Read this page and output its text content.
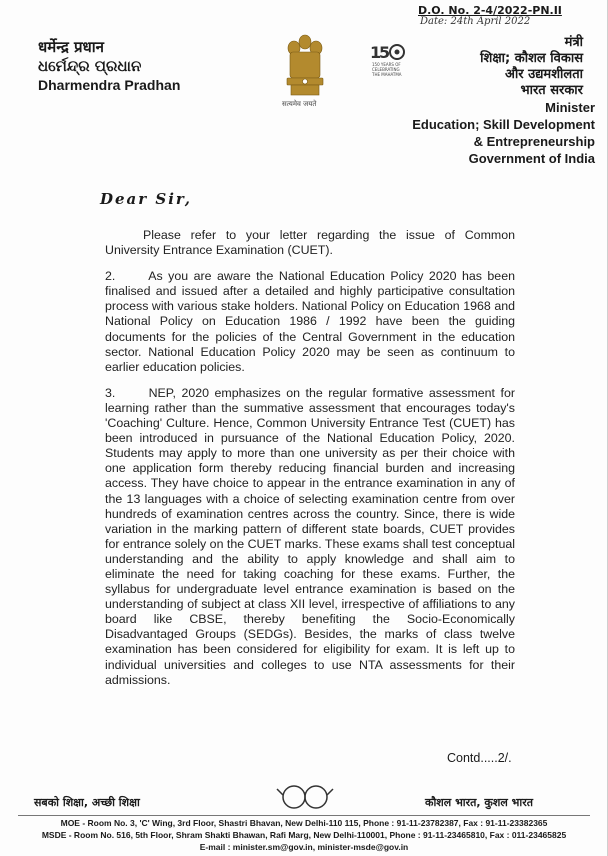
D.O. No. 2-4/2022-PN.II
Date: 24th April 2022
धर्मेन्द्र प्रधान
ଧର୍ମେନ୍ଦ୍ର ପ୍ରଧାନ
Dharmendra Pradhan
सत्यमेव जयते
1
5
150 YEARS OF CELEBRATING THE MAHATMA
मंत्री
शिक्षा; कौशल विकास
और उद्यमशीलता
भारत सरकार
Minister
Education; Skill Development
& Entrepreneurship
Government of India
Dear Sir,

Please refer to your letter regarding the issue of Common University Entrance Examination (CUET).

2.      As you are aware the National Education Policy 2020 has been finalised and issued after a detailed and highly participative consultation process with various stake holders. National Policy on Education 1968 and National Policy on Education 1986 / 1992 have been the guiding documents for the policies of the Central Government in the education sector. National Education Policy 2020 may be seen as continuum to earlier education policies.

3.      NEP, 2020 emphasizes on the regular formative assessment for learning rather than the summative assessment that encourages today's 'Coaching' Culture. Hence, Common University Entrance Test (CUET) has been introduced in pursuance of the National Education Policy, 2020. Students may apply to more than one university as per their choice with one application form thereby reducing financial burden and increasing access. They have choice to appear in the entrance examination in any of the 13 languages with a choice of selecting examination centre from over hundreds of examination centres across the country. Since, there is wide variation in the marking pattern of different state boards, CUET provides for entrance solely on the CUET marks. These exams shall test conceptual understanding and the ability to apply knowledge and shall aim to eliminate the need for taking coaching for these exams. Further, the syllabus for undergraduate level entrance examination is based on the understanding of subject at class XII level, irrespective of affiliations to any board like CBSE, thereby benefiting the Socio-Economically Disadvantaged Groups (SEDGs). Besides, the marks of class twelve examination has been considered for eligibility for exam. It is left up to individual universities and colleges to use NTA assessments for their admissions.

Contd.....2/.
सबको शिक्षा, अच्छी शिक्षा	कौशल भारत, कुशल भारत
MOE - Room No. 3, 'C' Wing, 3rd Floor, Shastri Bhavan, New Delhi-110 115, Phone : 91-11-23782387, Fax : 91-11-23382365
MSDE - Room No. 516, 5th Floor, Shram Shakti Bhawan, Rafi Marg, New Delhi-110001, Phone : 91-11-23465810, Fax : 011-23465825
E-mail : minister.sm@gov.in, minister-msde@gov.in
